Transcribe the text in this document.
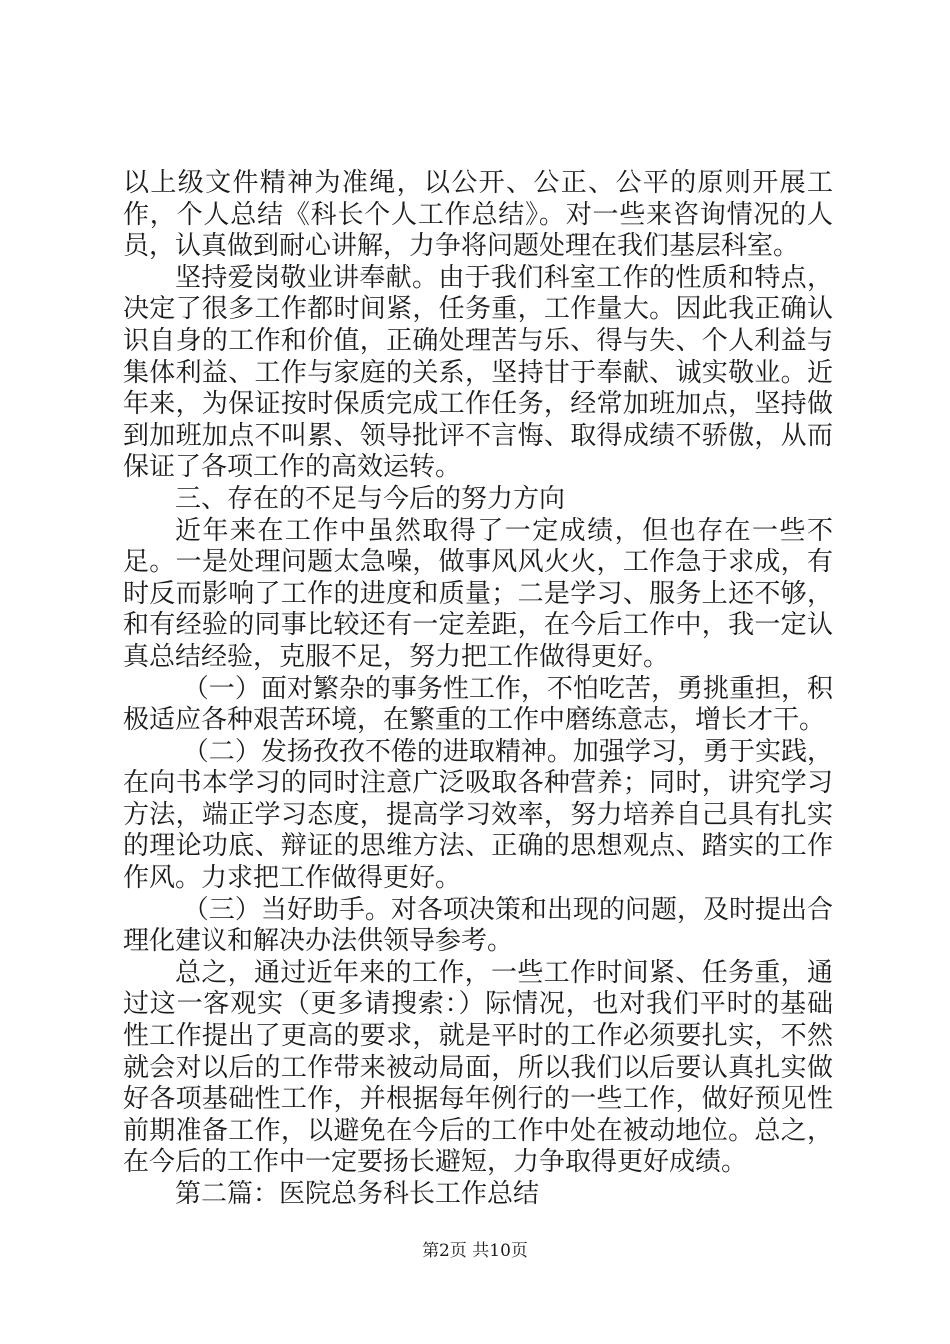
以上级文件精神为准绳，以公开、公正、公平的原则开展工作，个人总结《科长个人工作总结》。对一些来咨询情况的人员，认真做到耐心讲解，力争将问题处理在我们基层科室。

坚持爱岗敬业讲奉献。由于我们科室工作的性质和特点，决定了很多工作都时间紧，任务重，工作量大。因此我正确认识自身的工作和价值，正确处理苦与乐、得与失、个人利益与集体利益、工作与家庭的关系，坚持甘于奉献、诚实敬业。近年来，为保证按时保质完成工作任务，经常加班加点，坚持做到加班加点不叫累、领导批评不言悔、取得成绩不骄傲，从而保证了各项工作的高效运转。

三、存在的不足与今后的努力方向

近年来在工作中虽然取得了一定成绩，但也存在一些不足。一是处理问题太急噪，做事风风火火，工作急于求成，有时反而影响了工作的进度和质量；二是学习、服务上还不够，和有经验的同事比较还有一定差距，在今后工作中，我一定认真总结经验，克服不足，努力把工作做得更好。

（一）面对繁杂的事务性工作，不怕吃苦，勇挑重担，积极适应各种艰苦环境，在繁重的工作中磨练意志，增长才干。

（二）发扬孜孜不倦的进取精神。加强学习，勇于实践，在向书本学习的同时注意广泛吸取各种营养；同时，讲究学习方法，端正学习态度，提高学习效率，努力培养自己具有扎实的理论功底、辩证的思维方法、正确的思想观点、踏实的工作作风。力求把工作做得更好。

（三）当好助手。对各项决策和出现的问题，及时提出合理化建议和解决办法供领导参考。

总之，通过近年来的工作，一些工作时间紧、任务重，通过这一客观实（更多请搜索：）际情况，也对我们平时的基础性工作提出了更高的要求，就是平时的工作必须要扎实，不然就会对以后的工作带来被动局面，所以我们以后要认真扎实做好各项基础性工作，并根据每年例行的一些工作，做好预见性前期准备工作，以避免在今后的工作中处在被动地位。总之，在今后的工作中一定要扬长避短，力争取得更好成绩。

第二篇：医院总务科长工作总结

第2页 共10页
